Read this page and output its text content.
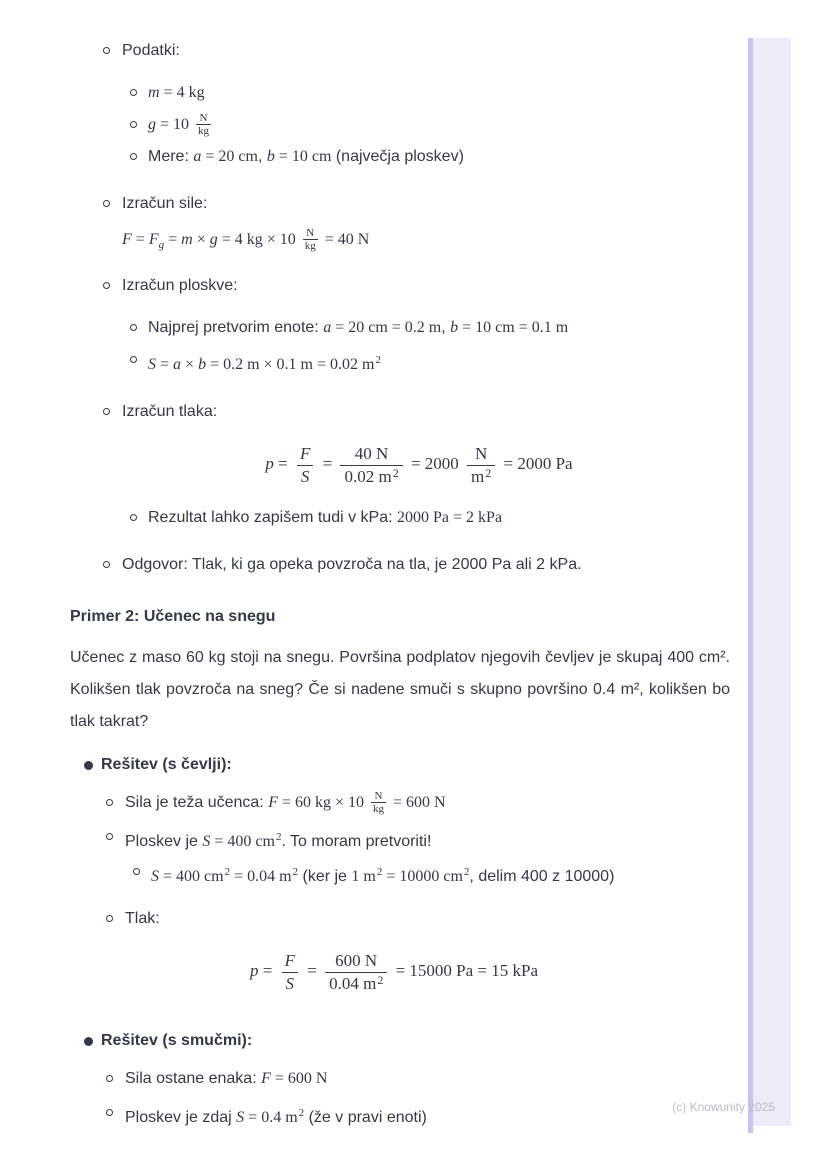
Podatki:
m = 4 kg
$g = 10 \frac{N}{kg}$
Mere: a = 20 cm, b = 10 cm (največja ploskev)
Izračun sile:
$F = F_g = m \times g = 4$ kg × $10 \frac{N}{kg} = 40$ N
Izračun ploskve:
Najprej pretvorim enote: a = 20 cm = 0.2 m, b = 10 cm = 0.1 m
S = a × b = 0.2 m × 0.1 m = 0.02 $m^2$
Izračun tlaka:
$p = \frac{F}{S} = \frac{40 N}{0.02 m^2} = 2000 \frac{N}{m^2} = 2000$ Pa
Rezultat lahko zapišem tudi v kPa: 2000 Pa = 2 kPa
Odgovor: Tlak, ki ga opeka povzroča na tla, je 2000 Pa ali 2 kPa.
Primer 2: Učenec na snegu

Učenec z maso 60 kg stoji na snegu. Površina podplatov njegovih čevljev je skupaj 400 cm². Kolikšen tlak povzroča na sneg? Če si nadene smuči s skupno površino 0.4 m², kolikšen bo tlak takrat?

Rešitev (s čevlji):
Sila je teža učenca: F = 60 kg × $10 \frac{N}{kg} = 600$ N
Ploskev je S = 400 $cm^2$. To moram pretvoriti!
S = 400 $cm^2 = 0.04$ $m^2$ (ker je 1 $m^2 = 10000$ $cm^2$, delim 400 z 10000)
Tlak:
$p = \frac{F}{S} = \frac{600 N}{0.04 m^2} = 15000$ Pa = 15 kPa
Rešitev (s smučmi):
Sila ostane enaka: F = 600 N
Ploskev je zdaj S = 0.4 $m^2$ (že v pravi enoti)
(c) Knowunity 2025
